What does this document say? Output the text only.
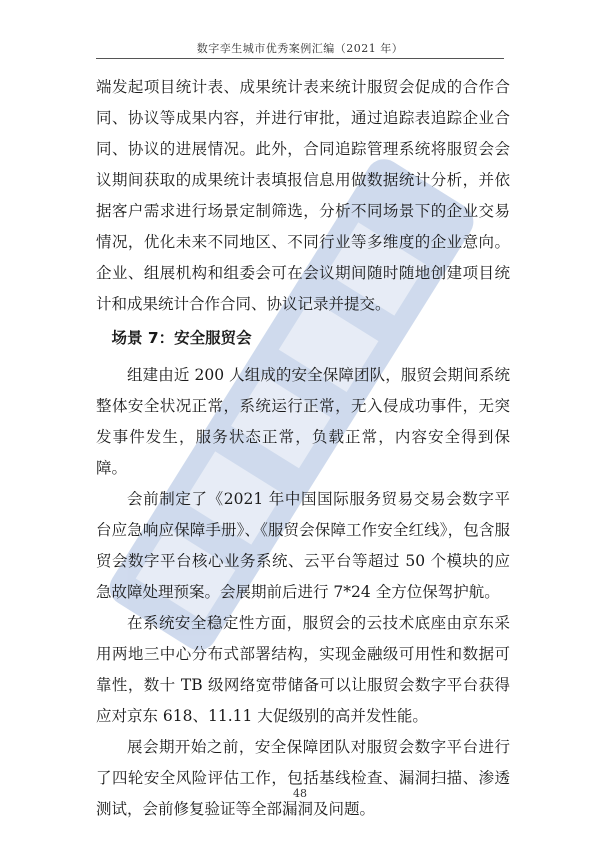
数字孪生城市优秀案例汇编（2021 年）

端发起项目统计表、成果统计表来统计服贸会促成的合作合同、协议等成果内容，并进行审批，通过追踪表追踪企业合同、协议的进展情况。此外，合同追踪管理系统将服贸会会议期间获取的成果统计表填报信息用做数据统计分析，并依据客户需求进行场景定制筛选，分析不同场景下的企业交易情况，优化未来不同地区、不同行业等多维度的企业意向。企业、组展机构和组委会可在会议期间随时随地创建项目统计和成果统计合作合同、协议记录并提交。

场景 7：安全服贸会

组建由近 200 人组成的安全保障团队，服贸会期间系统整体安全状况正常，系统运行正常，无入侵成功事件，无突发事件发生，服务状态正常，负载正常，内容安全得到保障。

会前制定了《2021 年中国国际服务贸易交易会数字平台应急响应保障手册》、《服贸会保障工作安全红线》，包含服贸会数字平台核心业务系统、云平台等超过 50 个模块的应急故障处理预案。会展期前后进行 7*24 全方位保驾护航。

在系统安全稳定性方面，服贸会的云技术底座由京东采用两地三中心分布式部署结构，实现金融级可用性和数据可靠性，数十 TB 级网络宽带储备可以让服贸会数字平台获得应对京东 618、11.11 大促级别的高并发性能。

展会期开始之前，安全保障团队对服贸会数字平台进行了四轮安全风险评估工作，包括基线检查、漏洞扫描、渗透测试，会前修复验证等全部漏洞及问题。

48
